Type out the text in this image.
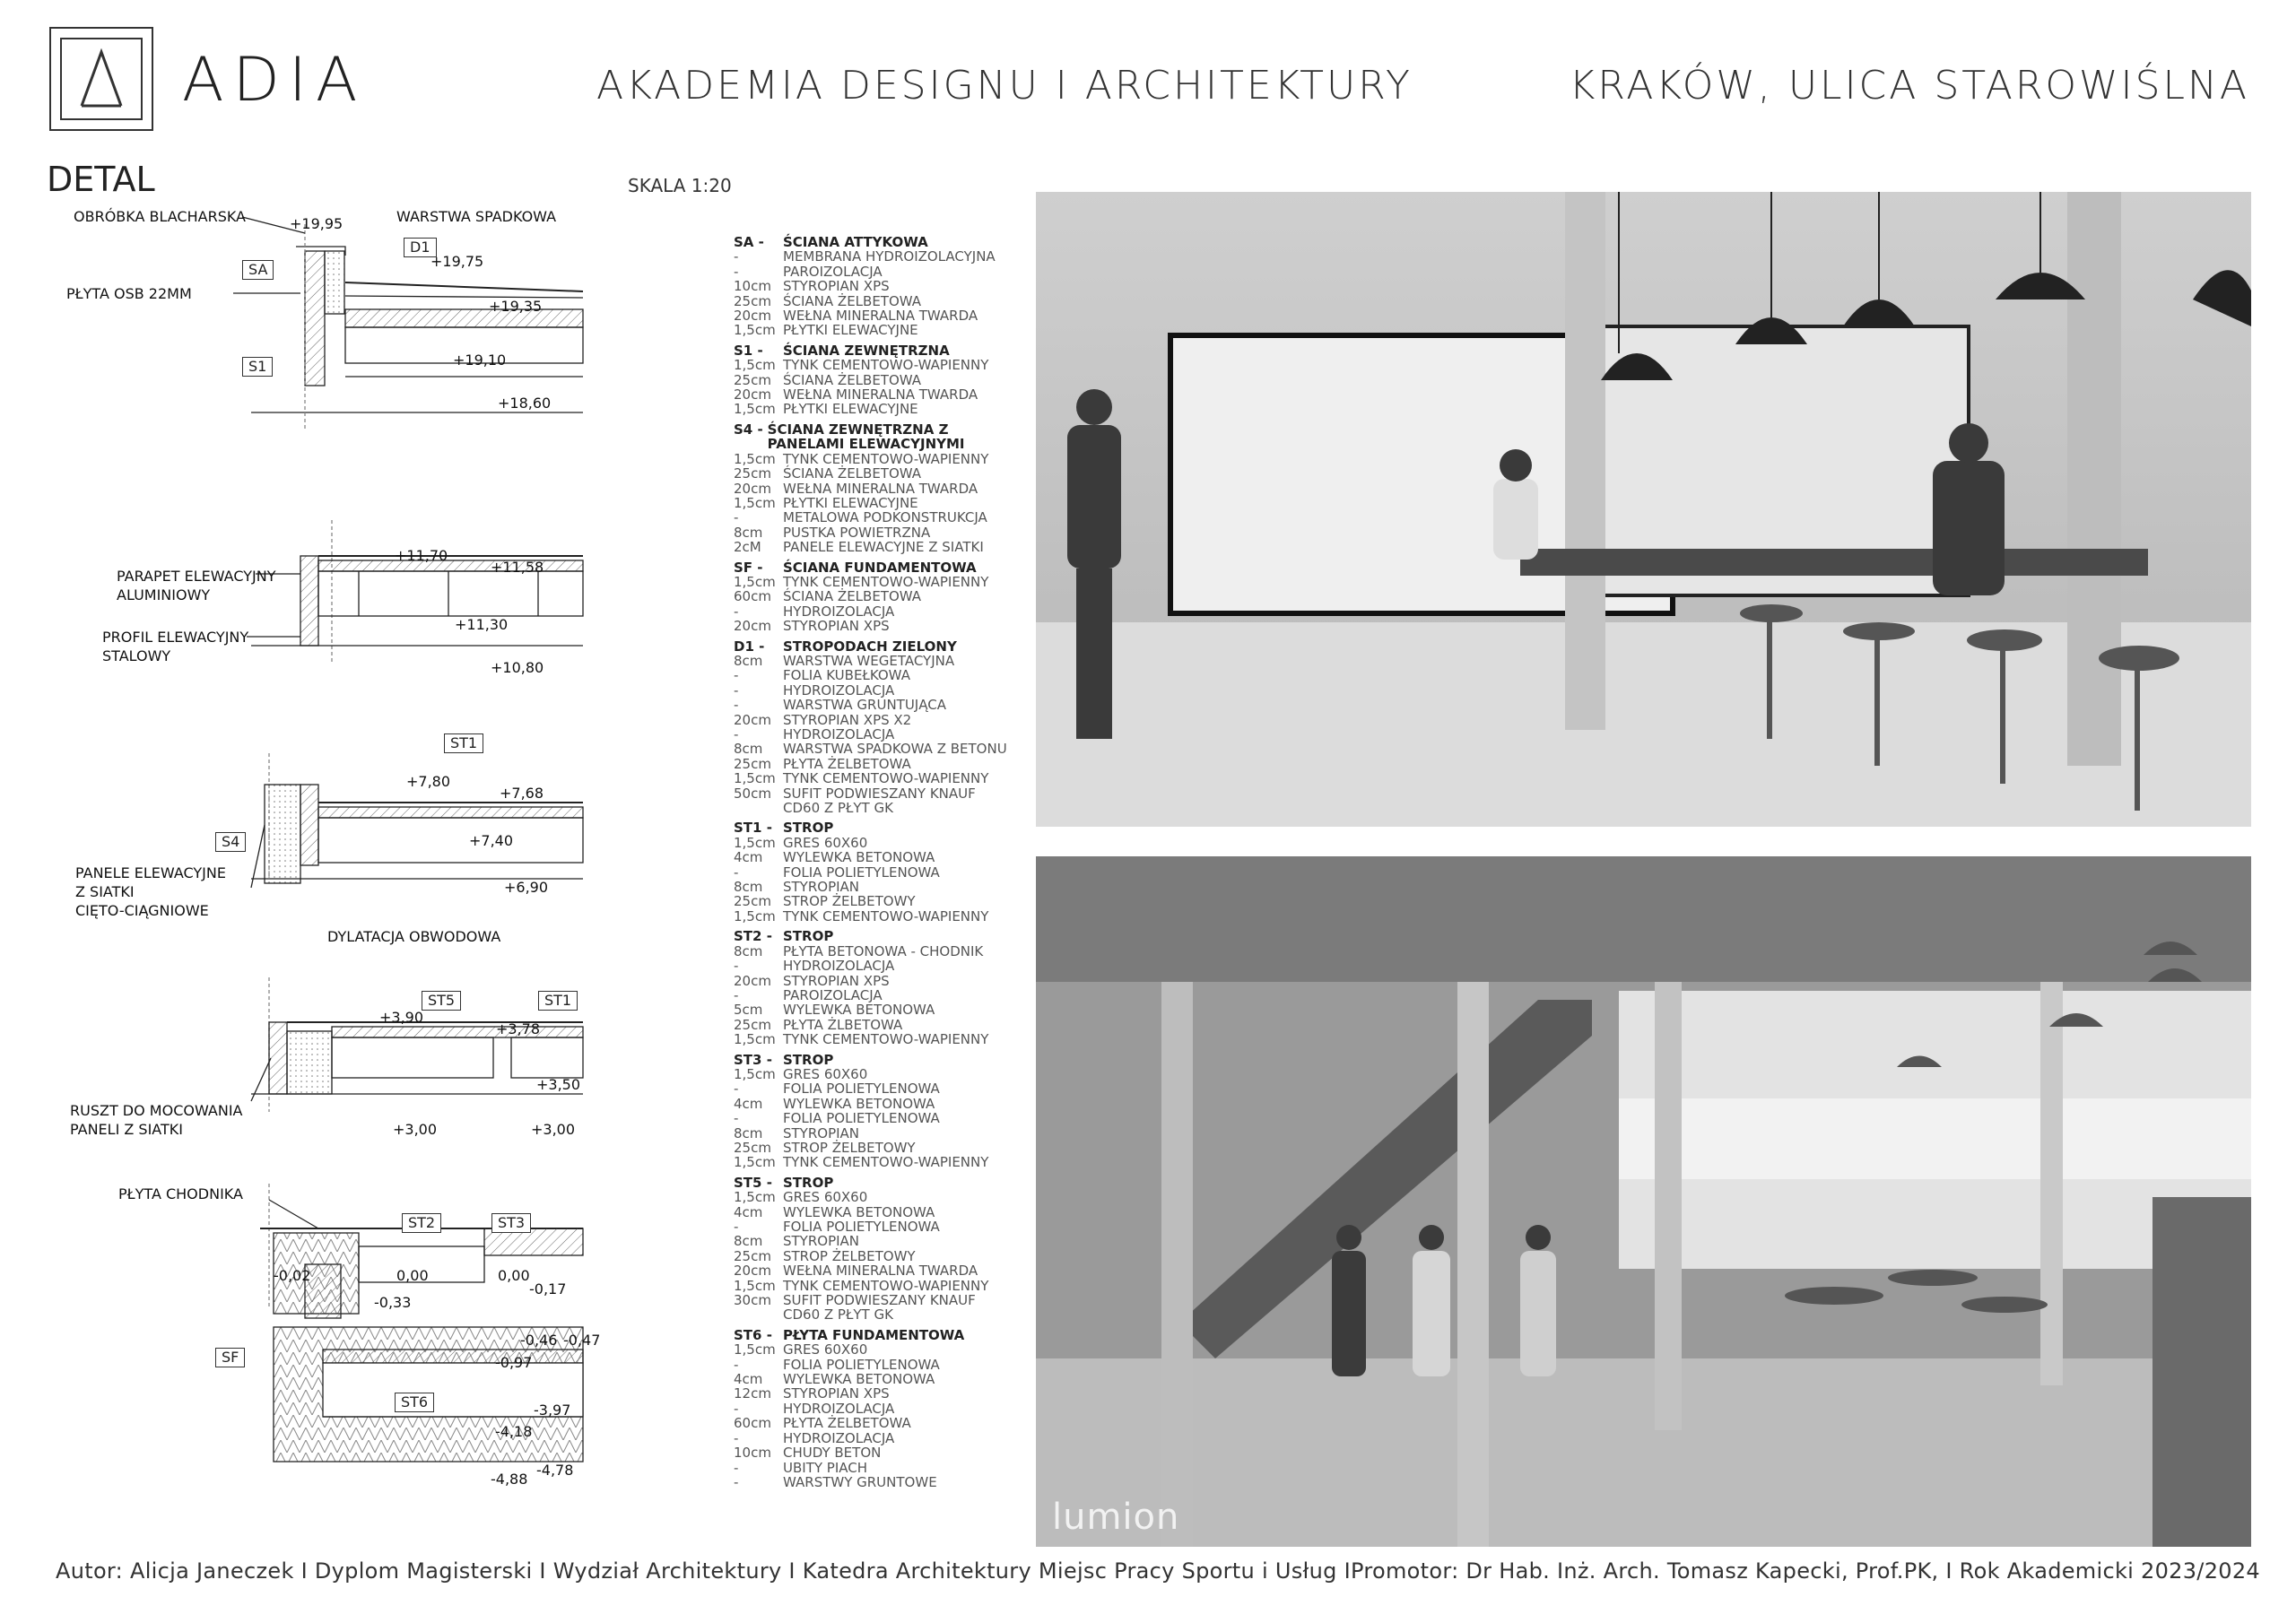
ADIA	AKADEMIA DESIGNU I ARCHITEKTURY	KRAKÓW, ULICA STAROWIŚLNA
DETAL	SKALA 1:20
OBRÓBKA BLACHARSKA	WARSTWA SPADKOWA
PŁYTA OSB 22MM
PARAPET ELEWACYJNY
ALUMINIOWY
PROFIL ELEWACYJNY
STALOWY
PANELE ELEWACYJNE
Z SIATKI
CIĘTO-CIĄGNIOWE
DYLATACJA OBWODOWA
RUSZT DO MOCOWANIA
PANELI Z SIATKI
PŁYTA CHODNIKA
SA
S1
D1
ST1
S4
ST5	ST1
ST2	ST3
SF
ST6
+19,95
+19,75
+19,35
+19,10
+18,60
+11,70
+11,58
+11,30
+10,80
+7,80
+7,68
+7,40
+6,90
+3,90
+3,78
+3,50
+3,00	+3,00
-0,02	0,00	0,00
-0,33
-0,17
-0,46 -0,47
-0,97
-3,97
-4,18
-4,78
-4,88
SA -	ŚCIANA ATTYKOWA
-	MEMBRANA HYDROIZOLACYJNA
-	PAROIZOLACJA
10cm STYROPIAN XPS
25cm ŚCIANA ŻELBETOWA
20cm WEŁNA MINERALNA TWARDA
1,5cm PŁYTKI ELEWACYJNE
S1 -	ŚCIANA ZEWNĘTRZNA
1,5cm TYNK CEMENTOWO-WAPIENNY
25cm ŚCIANA ŻELBETOWA
20cm WEŁNA MINERALNA TWARDA
1,5cm PŁYTKI ELEWACYJNE
S4 - ŚCIANA ZEWNĘTRZNA Z PANELAMI ELEWACYJNYMI
1,5cm TYNK CEMENTOWO-WAPIENNY
25cm ŚCIANA ŻELBETOWA
20cm WEŁNA MINERALNA TWARDA
1,5cm PŁYTKI ELEWACYJNE
-	METALOWA PODKONSTRUKCJA
8cm	PUSTKA POWIETRZNA
2cM	PANELE ELEWACYJNE Z SIATKI
SF -	ŚCIANA FUNDAMENTOWA
1,5cm TYNK CEMENTOWO-WAPIENNY
60cm ŚCIANA ŻELBETOWA
-	HYDROIZOLACJA
20cm STYROPIAN XPS
D1 -	STROPODACH ZIELONY
8cm	WARSTWA WEGETACYJNA
-	FOLIA KUBEŁKOWA
-	HYDROIZOLACJA
-	WARSTWA GRUNTUJĄCA
20cm STYROPIAN XPS X2
-	HYDROIZOLACJA
8cm	WARSTWA SPADKOWA Z BETONU
25cm PŁYTA ŻELBETOWA
1,5cm TYNK CEMENTOWO-WAPIENNY
50cm SUFIT PODWIESZANY KNAUF
CD60 Z PŁYT GK
ST1 - STROP
1,5cm GRES 60X60
4cm	WYLEWKA BETONOWA
-	FOLIA POLIETYLENOWA
8cm	STYROPIAN
25cm STROP ŻELBETOWY
1,5cm TYNK CEMENTOWO-WAPIENNY
ST2 - STROP
8cm	PŁYTA BETONOWA - CHODNIK
-	HYDROIZOLACJA
20cm STYROPIAN XPS
-	PAROIZOLACJA
5cm	WYLEWKA BETONOWA
25cm PŁYTA ŻLBETOWA
1,5cm TYNK CEMENTOWO-WAPIENNY
ST3 - STROP
1,5cm GRES 60X60
-	FOLIA POLIETYLENOWA
4cm	WYLEWKA BETONOWA
-	FOLIA POLIETYLENOWA
8cm	STYROPIAN
25cm STROP ŻELBETOWY
1,5cm TYNK CEMENTOWO-WAPIENNY
ST5 - STROP
1,5cm GRES 60X60
4cm	WYLEWKA BETONOWA
-	FOLIA POLIETYLENOWA
8cm	STYROPIAN
25cm STROP ŻELBETOWY
20cm WEŁNA MINERALNA TWARDA
1,5cm TYNK CEMENTOWO-WAPIENNY
30cm SUFIT PODWIESZANY KNAUF
CD60 Z PŁYT GK
ST6 - PŁYTA FUNDAMENTOWA
1,5cm GRES 60X60
-	FOLIA POLIETYLENOWA
4cm	WYLEWKA BETONOWA
12cm STYROPIAN XPS
-	HYDROIZOLACJA
60cm PŁYTA ŻELBETOWA
-	HYDROIZOLACJA
10cm CHUDY BETON
-	UBITY PIACH
-	WARSTWY GRUNTOWE
lumion
Autor: Alicja Janeczek I Dyplom Magisterski I Wydział Architektury I Katedra Architektury Miejsc Pracy Sportu i Usług IPromotor: Dr Hab. Inż. Arch. Tomasz Kapecki, Prof.PK, I Rok Akademicki 2023/2024
